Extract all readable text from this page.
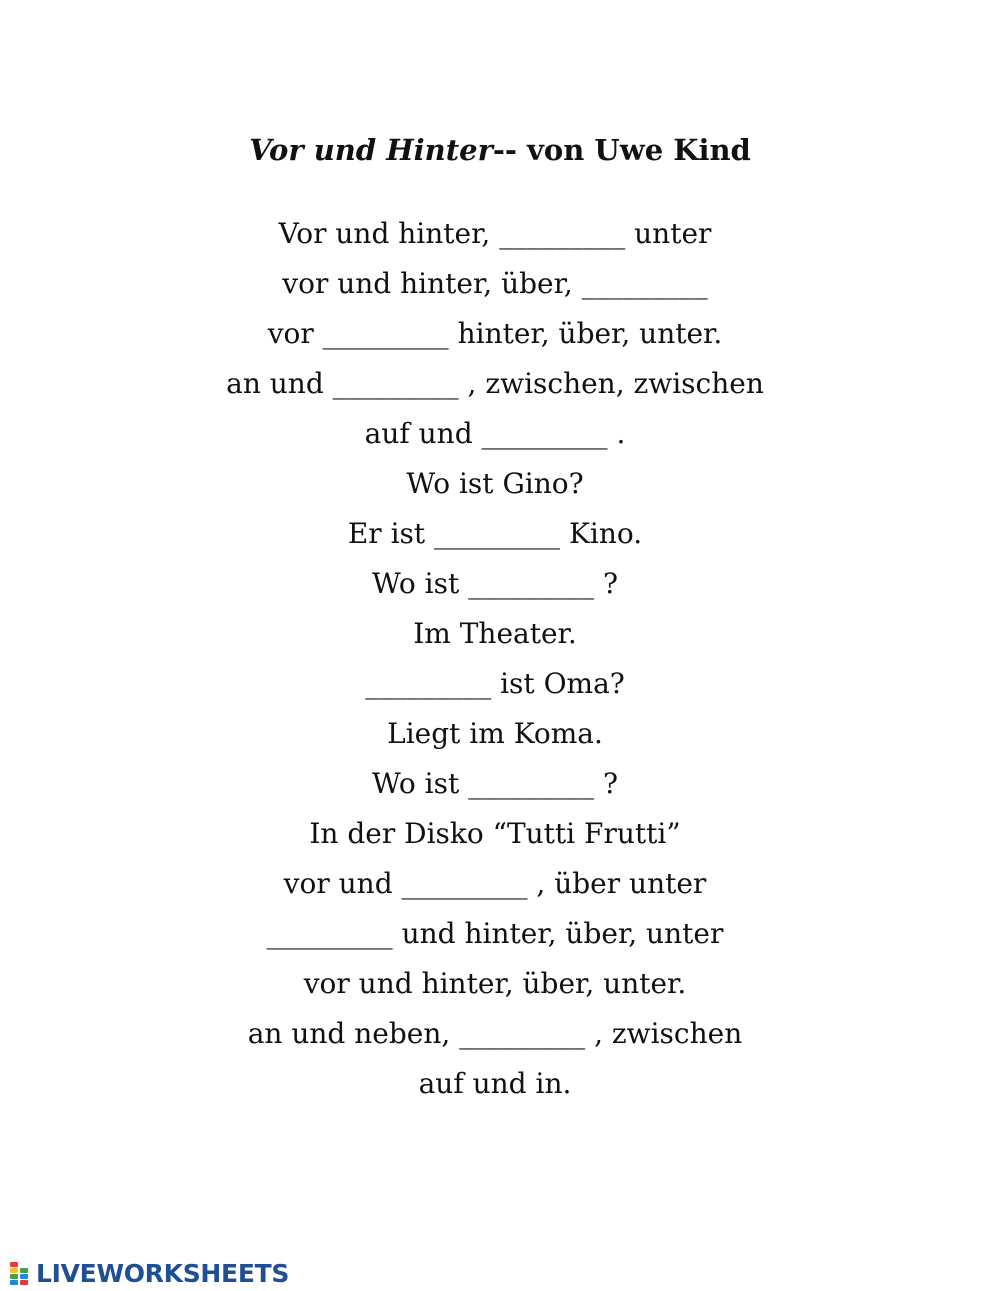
Vor und Hinter-- von Uwe Kind
Vor und hinter, _________ unter
vor und hinter, über, _________
vor _________ hinter, über, unter.
an und _________ , zwischen, zwischen
auf und _________ .
Wo ist Gino?
Er ist _________ Kino.
Wo ist _________ ?
Im Theater.
_________ ist Oma?
Liegt im Koma.
Wo ist _________ ?
In der Disko “Tutti Frutti”
vor und _________ , über unter
_________ und hinter, über, unter
vor und hinter, über, unter.
an und neben, _________ , zwischen
auf und in.
LIVEWORKSHEETS
